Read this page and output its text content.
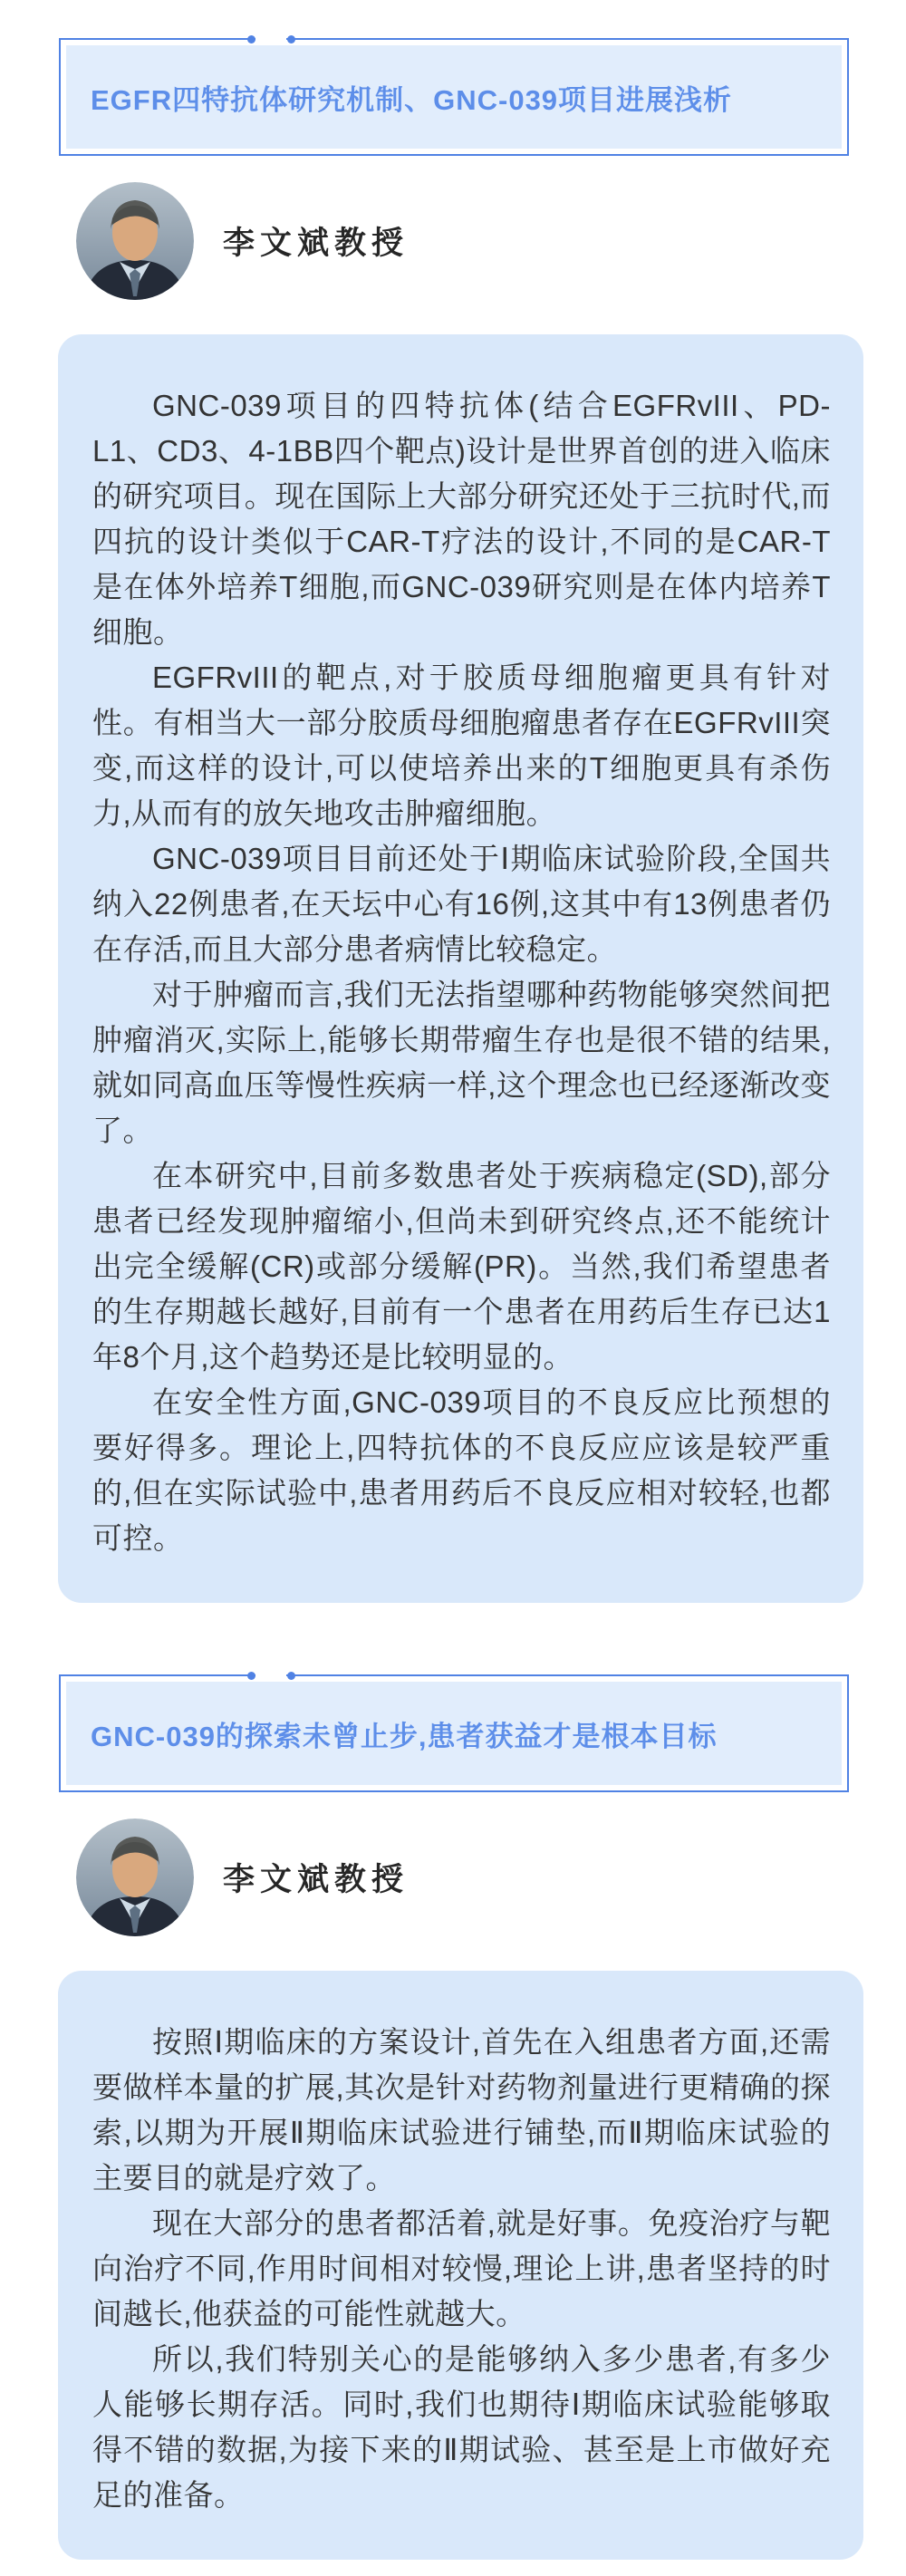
EGFR四特抗体研究机制、GNC-039项目进展浅析
李文斌教授

GNC-039项目的四特抗体(结合EGFRvIII、PD-L1、CD3、4-1BB四个靶点)设计是世界首创的进入临床的研究项目。现在国际上大部分研究还处于三抗时代,而四抗的设计类似于CAR-T疗法的设计,不同的是CAR-T是在体外培养T细胞,而GNC-039研究则是在体内培养T细胞。

EGFRvIII的靶点,对于胶质母细胞瘤更具有针对性。有相当大一部分胶质母细胞瘤患者存在EGFRvIII突变,而这样的设计,可以使培养出来的T细胞更具有杀伤力,从而有的放矢地攻击肿瘤细胞。

GNC-039项目目前还处于Ⅰ期临床试验阶段,全国共纳入22例患者,在天坛中心有16例,这其中有13例患者仍在存活,而且大部分患者病情比较稳定。

对于肿瘤而言,我们无法指望哪种药物能够突然间把肿瘤消灭,实际上,能够长期带瘤生存也是很不错的结果,就如同高血压等慢性疾病一样,这个理念也已经逐渐改变了。

在本研究中,目前多数患者处于疾病稳定(SD),部分患者已经发现肿瘤缩小,但尚未到研究终点,还不能统计出完全缓解(CR)或部分缓解(PR)。当然,我们希望患者的生存期越长越好,目前有一个患者在用药后生存已达1年8个月,这个趋势还是比较明显的。

在安全性方面,GNC-039项目的不良反应比预想的要好得多。理论上,四特抗体的不良反应应该是较严重的,但在实际试验中,患者用药后不良反应相对较轻,也都可控。

GNC-039的探索未曾止步,患者获益才是根本目标
李文斌教授

按照Ⅰ期临床的方案设计,首先在入组患者方面,还需要做样本量的扩展,其次是针对药物剂量进行更精确的探索,以期为开展Ⅱ期临床试验进行铺垫,而Ⅱ期临床试验的主要目的就是疗效了。

现在大部分的患者都活着,就是好事。免疫治疗与靶向治疗不同,作用时间相对较慢,理论上讲,患者坚持的时间越长,他获益的可能性就越大。

所以,我们特别关心的是能够纳入多少患者,有多少人能够长期存活。同时,我们也期待Ⅰ期临床试验能够取得不错的数据,为接下来的Ⅱ期试验、甚至是上市做好充足的准备。
